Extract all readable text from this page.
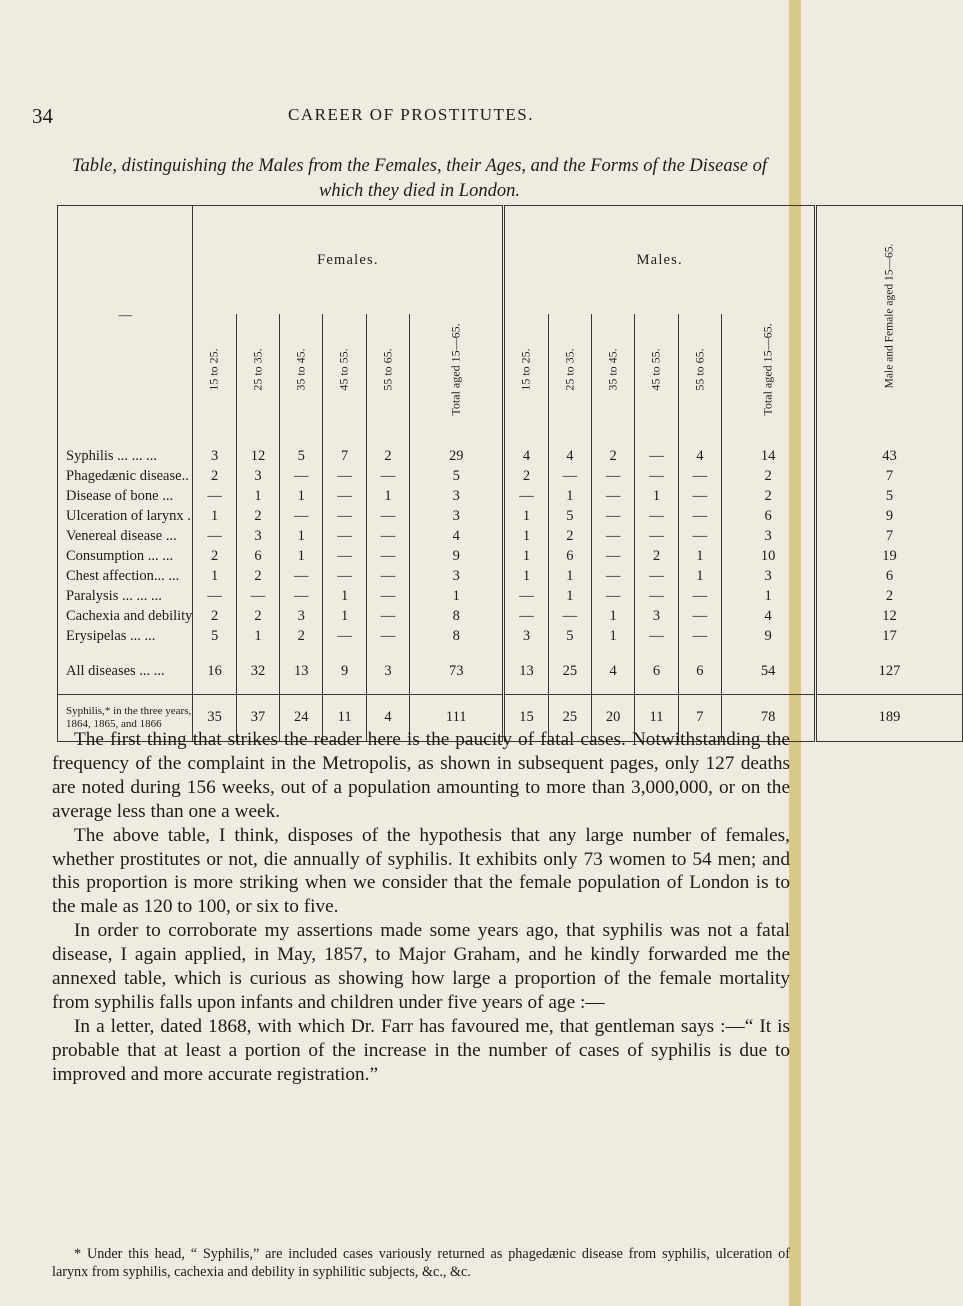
34	CAREER OF PROSTITUTES.
Table, distinguishing the Males from the Females, their Ages, and the Forms of the Disease of which they died in London.
—	Females.						Males.						Male and Female aged 15—65.
	15 to 25.	25 to 35.	35 to 45.	45 to 55.	55 to 65.	Total aged 15—65.	15 to 25.	25 to 35.	35 to 45.	45 to 55.	55 to 65.	Total aged 15—65.	

Syphilis ... ... ...	3	12	5	7	2	29	4	4	2	—	4	14	43
Phagedænic disease..	2	3	—	—	—	5	2	—	—	—	—	2	7
Disease of bone ...	—	1	1	—	1	3	—	1	—	1	—	2	5
Ulceration of larynx .	1	2	—	—	—	3	1	5	—	—	—	6	9
Venereal disease ...	—	3	1	—	—	4	1	2	—	—	—	3	7
Consumption ... ...	2	6	1	—	—	9	1	6	—	2	1	10	19
Chest affection... ...	1	2	—	—	—	3	1	1	—	—	1	3	6
Paralysis ... ... ...	—	—	—	1	—	1	—	1	—	—	—	1	2
Cachexia and debility	2	2	3	1	—	8	—	—	1	3	—	4	12
Erysipelas ... ...	5	1	2	—	—	8	3	5	1	—	—	9	17

All diseases ... ...	16	32	13	9	3	73	13	25	4	6	6	54	127

Syphilis,* in the three years, 1864, 1865, and 1866	35	37	24	11	4	111	15	25	20	11	7	78	189

The first thing that strikes the reader here is the paucity of fatal cases. Notwithstanding the frequency of the complaint in the Metropolis, as shown in subsequent pages, only 127 deaths are noted during 156 weeks, out of a population amounting to more than 3,000,000, or on the average less than one a week.

The above table, I think, disposes of the hypothesis that any large number of females, whether prostitutes or not, die annually of syphilis. It exhibits only 73 women to 54 men; and this proportion is more striking when we consider that the female population of London is to the male as 120 to 100, or six to five.

In order to corroborate my assertions made some years ago, that syphilis was not a fatal disease, I again applied, in May, 1857, to Major Graham, and he kindly forwarded me the annexed table, which is curious as showing how large a proportion of the female mortality from syphilis falls upon infants and children under five years of age :—

In a letter, dated 1868, with which Dr. Farr has favoured me, that gentleman says :—“ It is probable that at least a portion of the increase in the number of cases of syphilis is due to improved and more accurate registration.”

* Under this head, “ Syphilis,” are included cases variously returned as phagedænic disease from syphilis, ulceration of larynx from syphilis, cachexia and debility in syphilitic subjects, &c., &c.
